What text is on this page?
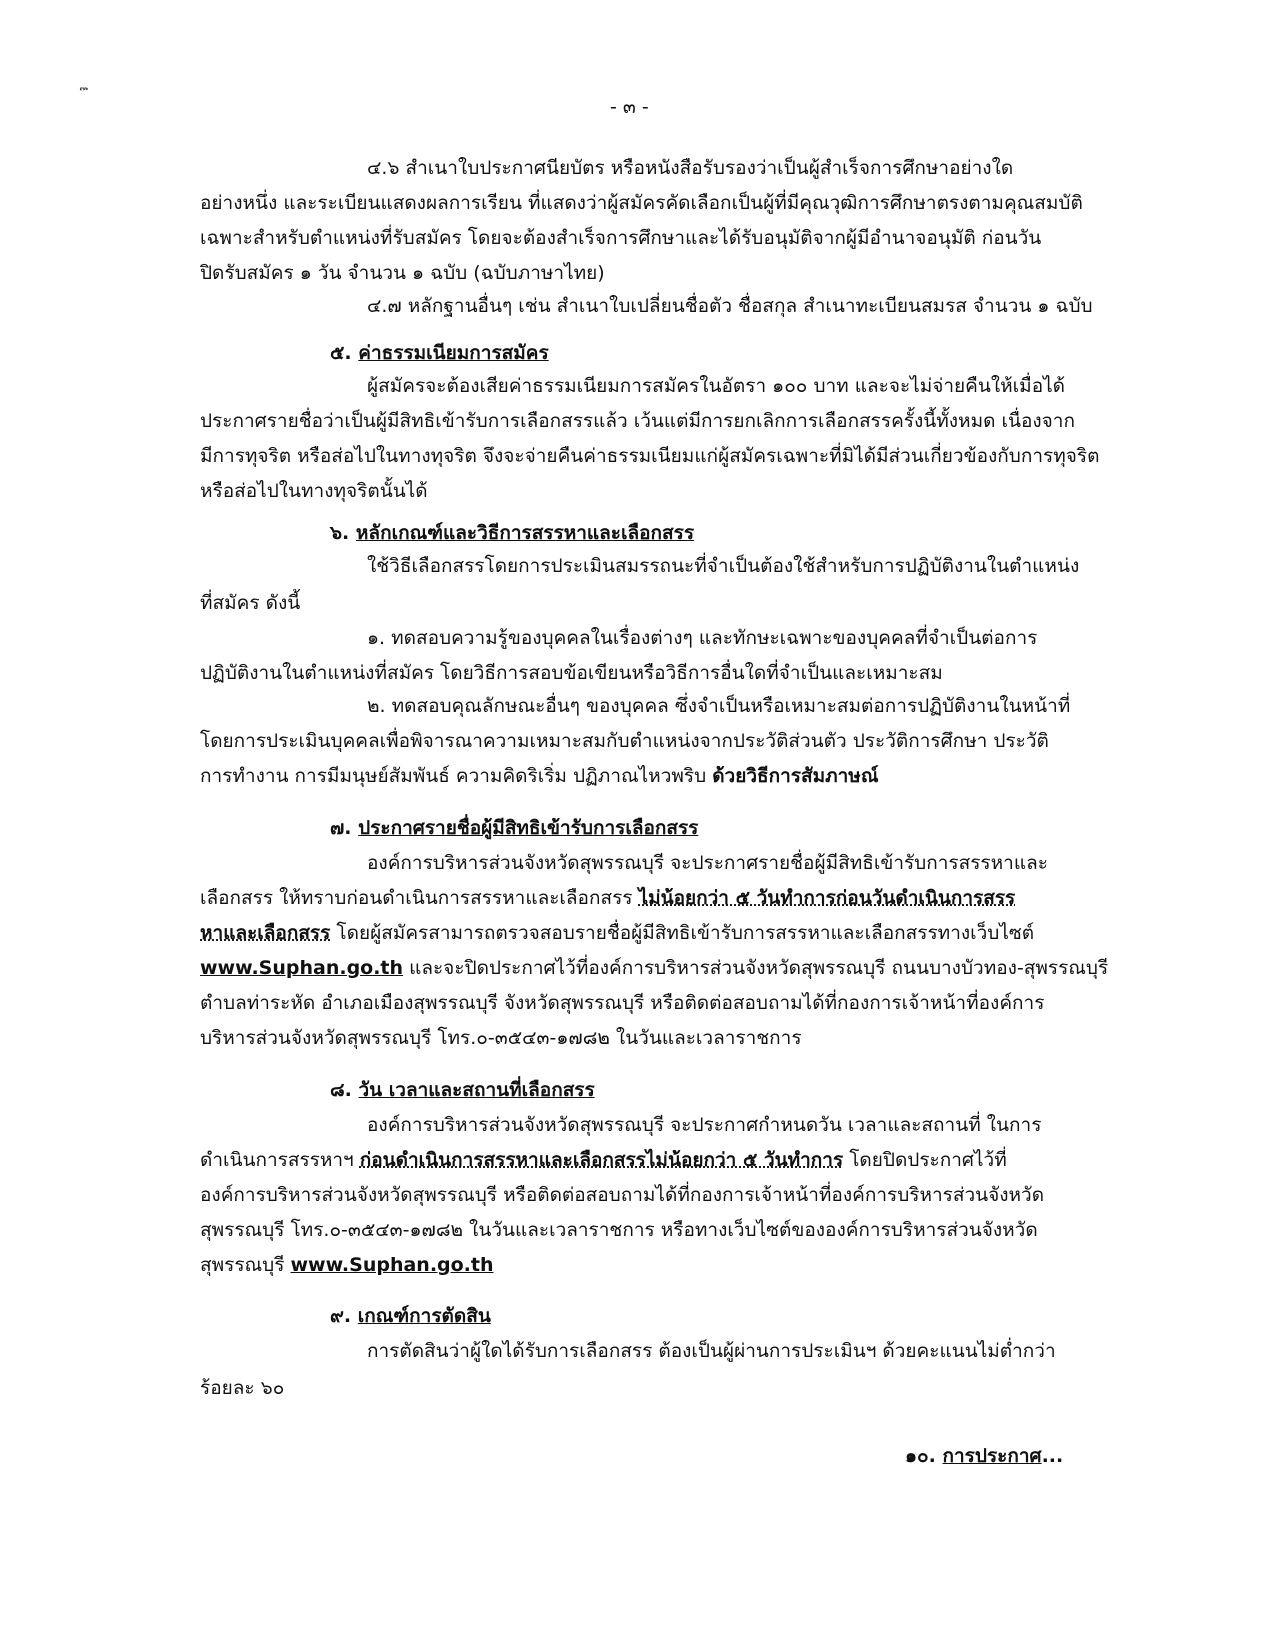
๊ ๋	- ๓ -
๔.๖ สำเนาใบประกาศนียบัตร หรือหนังสือรับรองว่าเป็นผู้สำเร็จการศึกษาอย่างใด
อย่างหนึ่ง และระเบียนแสดงผลการเรียน ที่แสดงว่าผู้สมัครคัดเลือกเป็นผู้ที่มีคุณวุฒิการศึกษาตรงตามคุณสมบัติ
เฉพาะสำหรับตำแหน่งที่รับสมัคร โดยจะต้องสำเร็จการศึกษาและได้รับอนุมัติจากผู้มีอำนาจอนุมัติ ก่อนวัน
ปิดรับสมัคร ๑ วัน จำนวน ๑ ฉบับ (ฉบับภาษาไทย)
๔.๗ หลักฐานอื่นๆ เช่น สำเนาใบเปลี่ยนชื่อตัว ชื่อสกุล สำเนาทะเบียนสมรส จำนวน ๑ ฉบับ
๕. ค่าธรรมเนียมการสมัคร
ผู้สมัครจะต้องเสียค่าธรรมเนียมการสมัครในอัตรา ๑๐๐ บาท และจะไม่จ่ายคืนให้เมื่อได้
ประกาศรายชื่อว่าเป็นผู้มีสิทธิเข้ารับการเลือกสรรแล้ว เว้นแต่มีการยกเลิกการเลือกสรรครั้งนี้ทั้งหมด เนื่องจาก
มีการทุจริต หรือส่อไปในทางทุจริต จึงจะจ่ายคืนค่าธรรมเนียมแก่ผู้สมัครเฉพาะที่มิได้มีส่วนเกี่ยวข้องกับการทุจริต
หรือส่อไปในทางทุจริตนั้นได้
๖. หลักเกณฑ์และวิธีการสรรหาและเลือกสรร
ใช้วิธีเลือกสรรโดยการประเมินสมรรถนะที่จำเป็นต้องใช้สำหรับการปฏิบัติงานในตำแหน่ง
ที่สมัคร ดังนี้
๑. ทดสอบความรู้ของบุคคลในเรื่องต่างๆ และทักษะเฉพาะของบุคคลที่จำเป็นต่อการ
ปฏิบัติงานในตำแหน่งที่สมัคร โดยวิธีการสอบข้อเขียนหรือวิธีการอื่นใดที่จำเป็นและเหมาะสม
๒. ทดสอบคุณลักษณะอื่นๆ ของบุคคล ซึ่งจำเป็นหรือเหมาะสมต่อการปฏิบัติงานในหน้าที่
โดยการประเมินบุคคลเพื่อพิจารณาความเหมาะสมกับตำแหน่งจากประวัติส่วนตัว ประวัติการศึกษา ประวัติ
การทำงาน การมีมนุษย์สัมพันธ์ ความคิดริเริ่ม ปฏิภาณไหวพริบ ด้วยวิธีการสัมภาษณ์
๗. ประกาศรายชื่อผู้มีสิทธิเข้ารับการเลือกสรร
องค์การบริหารส่วนจังหวัดสุพรรณบุรี จะประกาศรายชื่อผู้มีสิทธิเข้ารับการสรรหาและ
เลือกสรร ให้ทราบก่อนดำเนินการสรรหาและเลือกสรร ไม่น้อยกว่า ๕ วันทำการก่อนวันดำเนินการสรร
หาและเลือกสรร โดยผู้สมัครสามารถตรวจสอบรายชื่อผู้มีสิทธิเข้ารับการสรรหาและเลือกสรรทางเว็บไซต์
www.Suphan.go.th และจะปิดประกาศไว้ที่องค์การบริหารส่วนจังหวัดสุพรรณบุรี ถนนบางบัวทอง-สุพรรณบุรี
ตำบลท่าระหัด อำเภอเมืองสุพรรณบุรี จังหวัดสุพรรณบุรี หรือติดต่อสอบถามได้ที่กองการเจ้าหน้าที่องค์การ
บริหารส่วนจังหวัดสุพรรณบุรี โทร.๐-๓๕๔๓-๑๗๘๒ ในวันและเวลาราชการ
๘. วัน เวลาและสถานที่เลือกสรร
องค์การบริหารส่วนจังหวัดสุพรรณบุรี จะประกาศกำหนดวัน เวลาและสถานที่ ในการ
ดำเนินการสรรหาฯ ก่อนดำเนินการสรรหาและเลือกสรรไม่น้อยกว่า ๕ วันทำการ โดยปิดประกาศไว้ที่
องค์การบริหารส่วนจังหวัดสุพรรณบุรี หรือติดต่อสอบถามได้ที่กองการเจ้าหน้าที่องค์การบริหารส่วนจังหวัด
สุพรรณบุรี โทร.๐-๓๕๔๓-๑๗๘๒ ในวันและเวลาราชการ หรือทางเว็บไซต์ขององค์การบริหารส่วนจังหวัด
สุพรรณบุรี www.Suphan.go.th
๙. เกณฑ์การตัดสิน
การตัดสินว่าผู้ใดได้รับการเลือกสรร ต้องเป็นผู้ผ่านการประเมินฯ ด้วยคะแนนไม่ต่ำกว่า
ร้อยละ ๖๐
๑๐. การประกาศ...
